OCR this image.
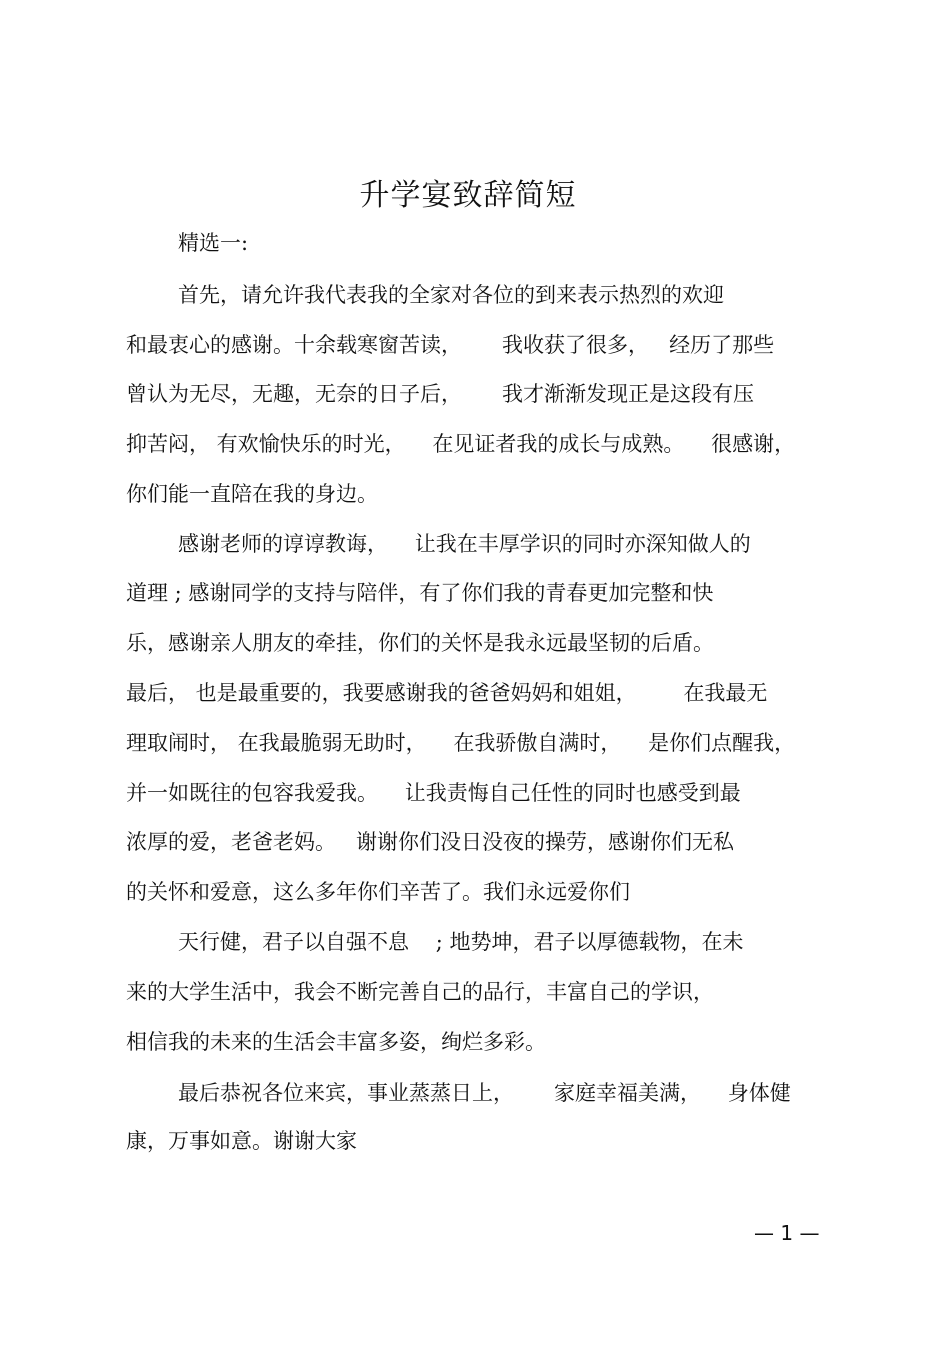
升学宴致辞简短
精选一:
首先，请允许我代表我的全家对各位的到来表示热烈的欢迎
和最衷心的感谢。十余载寒窗苦读，      我收获了很多，   经历了那些
曾认为无尽，无趣，无奈的日子后，      我才渐渐发现正是这段有压
抑苦闷， 有欢愉快乐的时光，    在见证者我的成长与成熟。    很感谢，
你们能一直陪在我的身边。
感谢老师的谆谆教诲，    让我在丰厚学识的同时亦深知做人的
道理 ; 感谢同学的支持与陪伴，有了你们我的青春更加完整和快
乐，感谢亲人朋友的牵挂，你们的关怀是我永远最坚韧的后盾。
最后， 也是最重要的，我要感谢我的爸爸妈妈和姐姐，       在我最无
理取闹时， 在我最脆弱无助时，    在我骄傲自满时，    是你们点醒我，
并一如既往的包容我爱我。    让我责悔自己任性的同时也感受到最
浓厚的爱，老爸老妈。   谢谢你们没日没夜的操劳，感谢你们无私
的关怀和爱意，这么多年你们辛苦了。我们永远爱你们
天行健，君子以自强不息    ; 地势坤，君子以厚德载物，在未
来的大学生活中，我会不断完善自己的品行，丰富自己的学识，
相信我的未来的生活会丰富多姿，绚烂多彩。
最后恭祝各位来宾，事业蒸蒸日上，      家庭幸福美满，    身体健
康，万事如意。谢谢大家
— 1 —
